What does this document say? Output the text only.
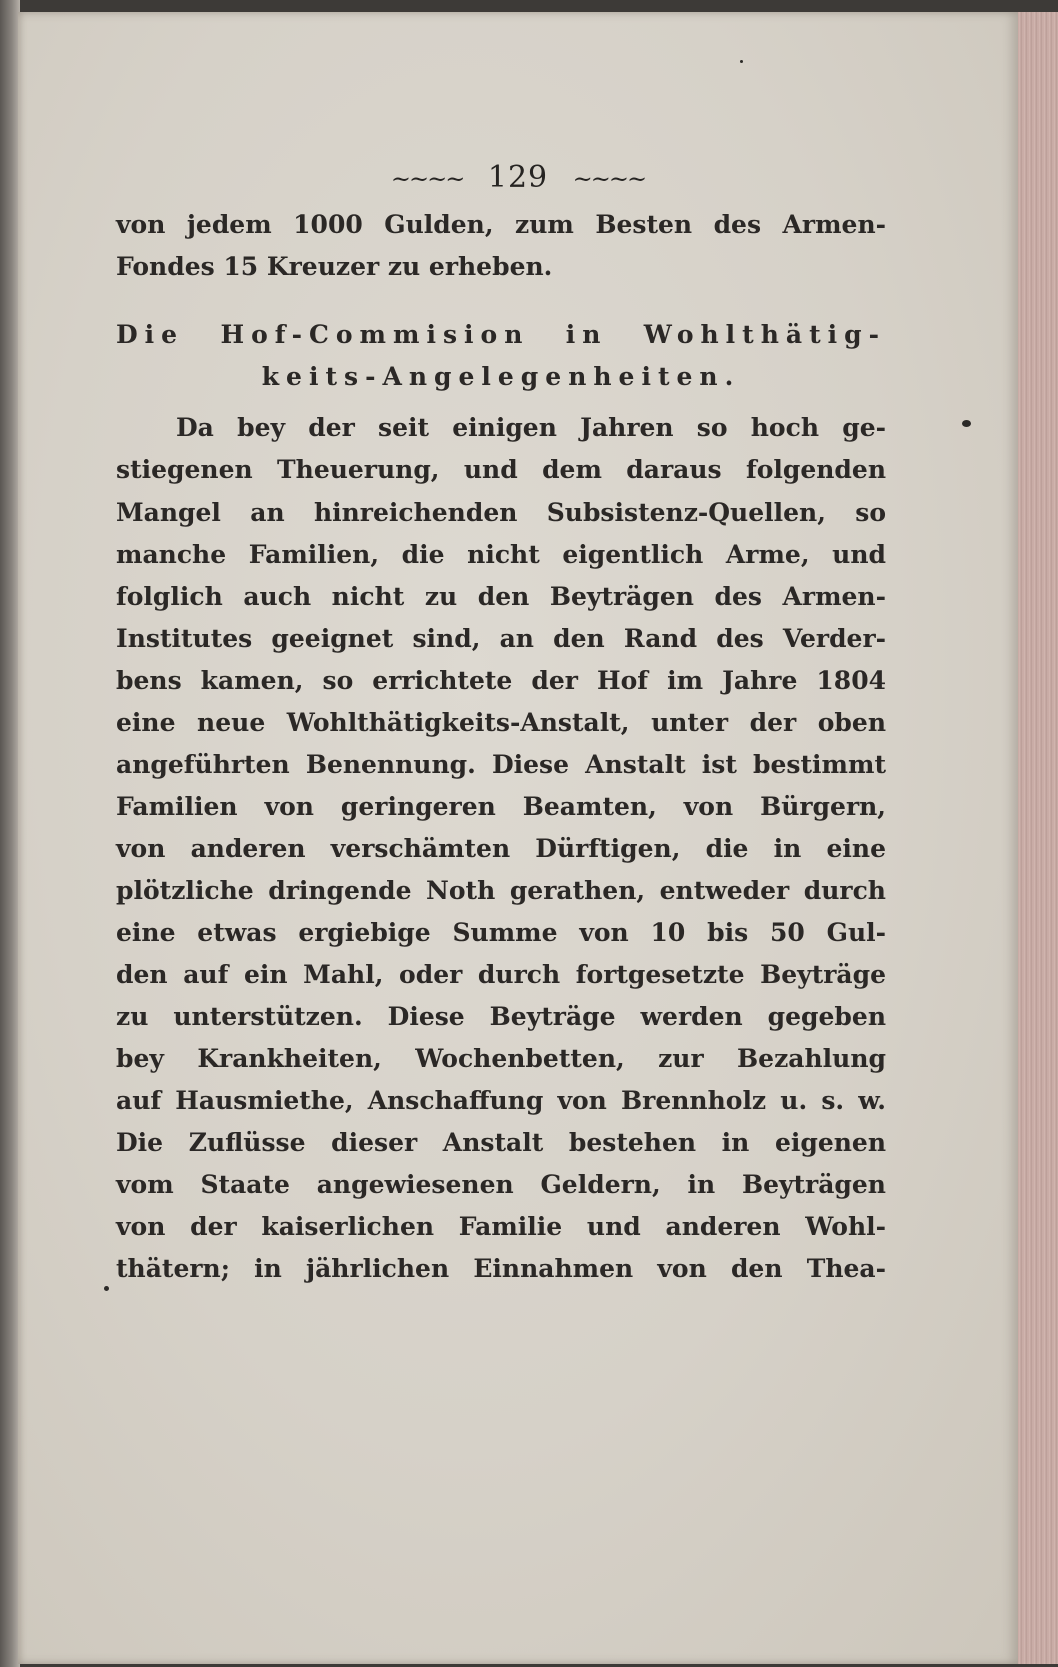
~~~~ 129 ~~~~
von jedem 1000 Gulden, zum Besten des Armen-
Fondes 15 Kreuzer zu erheben.
Die Hof-Commision in Wohlthätig-
keits-Angelegenheiten.
Da bey der seit einigen Jahren so hoch ge-
stiegenen Theuerung, und dem daraus folgenden
Mangel an hinreichenden Subsistenz-Quellen, so
manche Familien, die nicht eigentlich Arme, und
folglich auch nicht zu den Beyträgen des Armen-
Institutes geeignet sind, an den Rand des Verder-
bens kamen, so errichtete der Hof im Jahre 1804
eine neue Wohlthätigkeits-Anstalt, unter der oben
angeführten Benennung. Diese Anstalt ist bestimmt
Familien von geringeren Beamten, von Bürgern,
von anderen verschämten Dürftigen, die in eine
plötzliche dringende Noth gerathen, entweder durch
eine etwas ergiebige Summe von 10 bis 50 Gul-
den auf ein Mahl, oder durch fortgesetzte Beyträge
zu unterstützen. Diese Beyträge werden gegeben
bey Krankheiten, Wochenbetten, zur Bezahlung
auf Hausmiethe, Anschaffung von Brennholz u. s. w.
Die Zuflüsse dieser Anstalt bestehen in eigenen
vom Staate angewiesenen Geldern, in Beyträgen
von der kaiserlichen Familie und anderen Wohl-
thätern; in jährlichen Einnahmen von den Thea-
